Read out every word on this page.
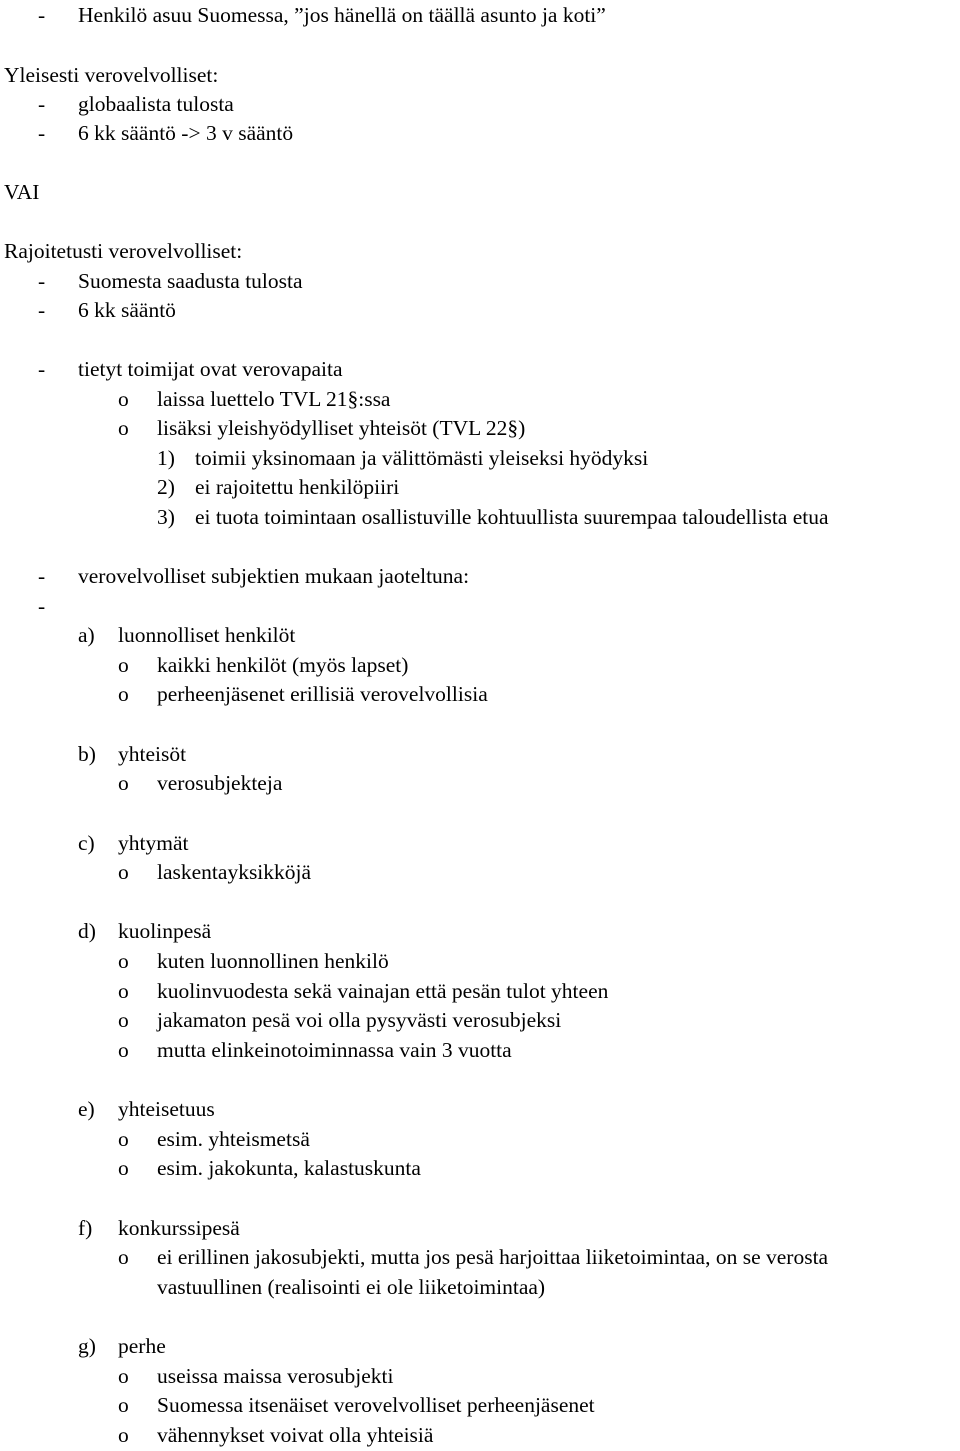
- Henkilö asuu Suomessa, ”jos hänellä on täällä asunto ja koti”
Yleisesti verovelvolliset:
- globaalista tulosta
- 6 kk sääntö -> 3 v sääntö
VAI
Rajoitetusti verovelvolliset:
- Suomesta saadusta tulosta
- 6 kk sääntö
- tietyt toimijat ovat verovapaita
o laissa luettelo TVL 21§:ssa
o lisäksi yleishyödylliset yhteisöt (TVL 22§)
1) toimii yksinomaan ja välittömästi yleiseksi hyödyksi
2) ei rajoitettu henkilöpiiri
3) ei tuota toimintaan osallistuville kohtuullista suurempaa taloudellista etua
- verovelvolliset subjektien mukaan jaoteltuna:
-
a) luonnolliset henkilöt
o kaikki henkilöt (myös lapset)
o perheenjäsenet erillisiä verovelvollisia
b) yhteisöt
o verosubjekteja
c) yhtymät
o laskentayksikköjä
d) kuolinpesä
o kuten luonnollinen henkilö
o kuolinvuodesta sekä vainajan että pesän tulot yhteen
o jakamaton pesä voi olla pysyvästi verosubjeksi
o mutta elinkeinotoiminnassa vain 3 vuotta
e) yhteisetuus
o esim. yhteismetsä
o esim. jakokunta, kalastuskunta
f) konkurssipesä
o ei erillinen jakosubjekti, mutta jos pesä harjoittaa liiketoimintaa, on se verosta
vastuullinen (realisointi ei ole liiketoimintaa)
g) perhe
o useissa maissa verosubjekti
o Suomessa itsenäiset verovelvolliset perheenjäsenet
o vähennykset voivat olla yhteisiä
